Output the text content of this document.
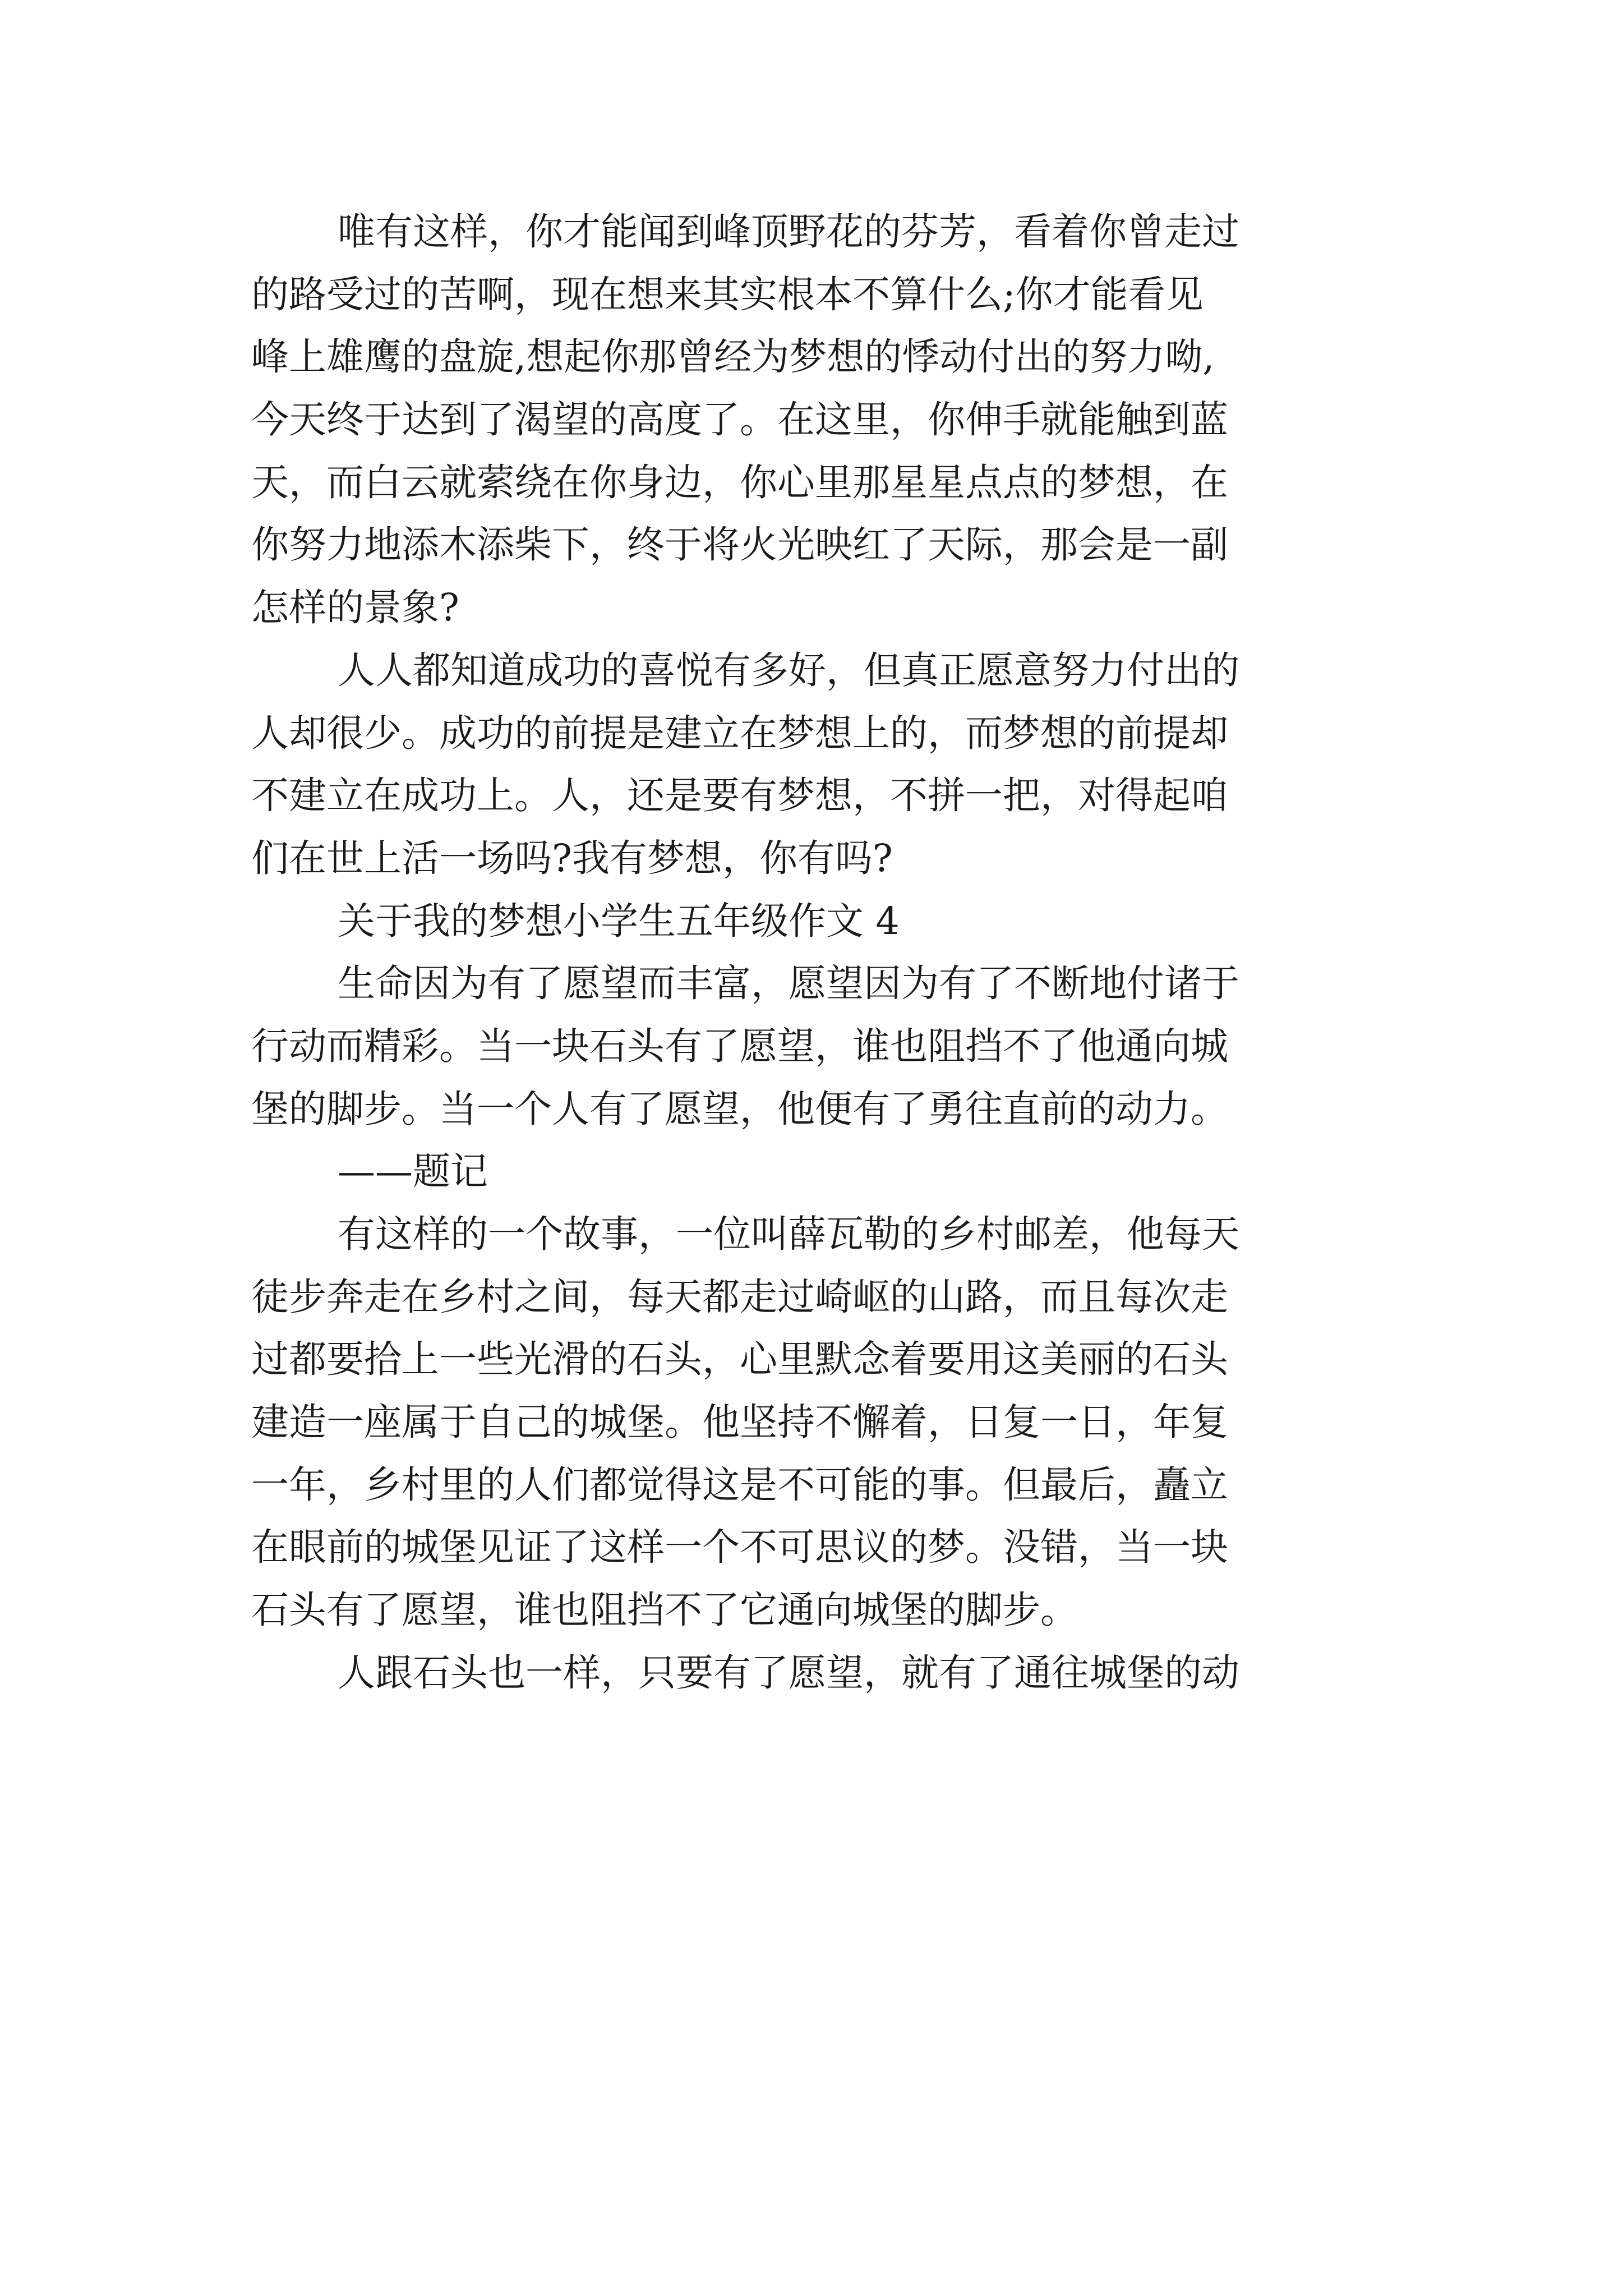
唯有这样，你才能闻到峰顶野花的芬芳，看着你曾走过
的路受过的苦啊，现在想来其实根本不算什么;你才能看见
峰上雄鹰的盘旋,想起你那曾经为梦想的悸动付出的努力呦,
今天终于达到了渴望的高度了。在这里，你伸手就能触到蓝
天，而白云就萦绕在你身边，你心里那星星点点的梦想，在
你努力地添木添柴下，终于将火光映红了天际，那会是一副
怎样的景象?
人人都知道成功的喜悦有多好，但真正愿意努力付出的
人却很少。成功的前提是建立在梦想上的，而梦想的前提却
不建立在成功上。人，还是要有梦想，不拼一把，对得起咱
们在世上活一场吗?我有梦想，你有吗?
关于我的梦想小学生五年级作文 4
生命因为有了愿望而丰富，愿望因为有了不断地付诸于
行动而精彩。当一块石头有了愿望，谁也阻挡不了他通向城
堡的脚步。当一个人有了愿望，他便有了勇往直前的动力。
——题记
有这样的一个故事，一位叫薛瓦勒的乡村邮差，他每天
徒步奔走在乡村之间，每天都走过崎岖的山路，而且每次走
过都要拾上一些光滑的石头，心里默念着要用这美丽的石头
建造一座属于自己的城堡。他坚持不懈着，日复一日，年复
一年，乡村里的人们都觉得这是不可能的事。但最后，矗立
在眼前的城堡见证了这样一个不可思议的梦。没错，当一块
石头有了愿望，谁也阻挡不了它通向城堡的脚步。
人跟石头也一样，只要有了愿望，就有了通往城堡的动
